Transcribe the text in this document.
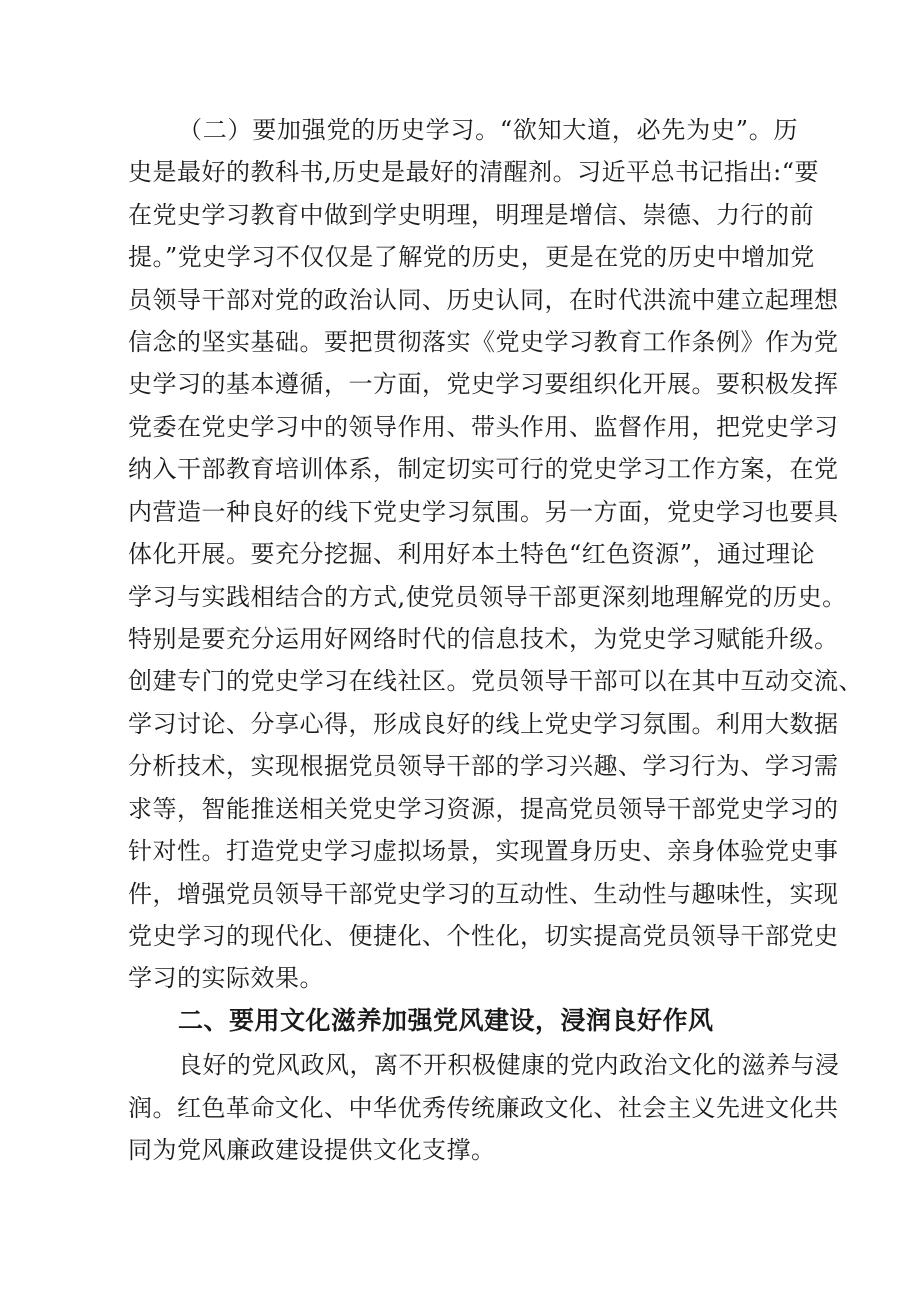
（二）要加强党的历史学习。“欲知大道，必先为史”。历
史是最好的教科书,历史是最好的清醒剂。习近平总书记指出:“要
在党史学习教育中做到学史明理，明理是增信、崇德、力行的前
提。”党史学习不仅仅是了解党的历史，更是在党的历史中增加党
员领导干部对党的政治认同、历史认同，在时代洪流中建立起理想
信念的坚实基础。要把贯彻落实《党史学习教育工作条例》作为党
史学习的基本遵循，一方面，党史学习要组织化开展。要积极发挥
党委在党史学习中的领导作用、带头作用、监督作用，把党史学习
纳入干部教育培训体系，制定切实可行的党史学习工作方案，在党
内营造一种良好的线下党史学习氛围。另一方面，党史学习也要具
体化开展。要充分挖掘、利用好本土特色“红色资源”，通过理论
学习与实践相结合的方式,使党员领导干部更深刻地理解党的历史。
特别是要充分运用好网络时代的信息技术，为党史学习赋能升级。
创建专门的党史学习在线社区。党员领导干部可以在其中互动交流、
学习讨论、分享心得，形成良好的线上党史学习氛围。利用大数据
分析技术，实现根据党员领导干部的学习兴趣、学习行为、学习需
求等，智能推送相关党史学习资源，提高党员领导干部党史学习的
针对性。打造党史学习虚拟场景，实现置身历史、亲身体验党史事
件，增强党员领导干部党史学习的互动性、生动性与趣味性，实现
党史学习的现代化、便捷化、个性化，切实提高党员领导干部党史
学习的实际效果。
二、要用文化滋养加强党风建设，浸润良好作风
良好的党风政风，离不开积极健康的党内政治文化的滋养与浸
润。红色革命文化、中华优秀传统廉政文化、社会主义先进文化共
同为党风廉政建设提供文化支撑。
